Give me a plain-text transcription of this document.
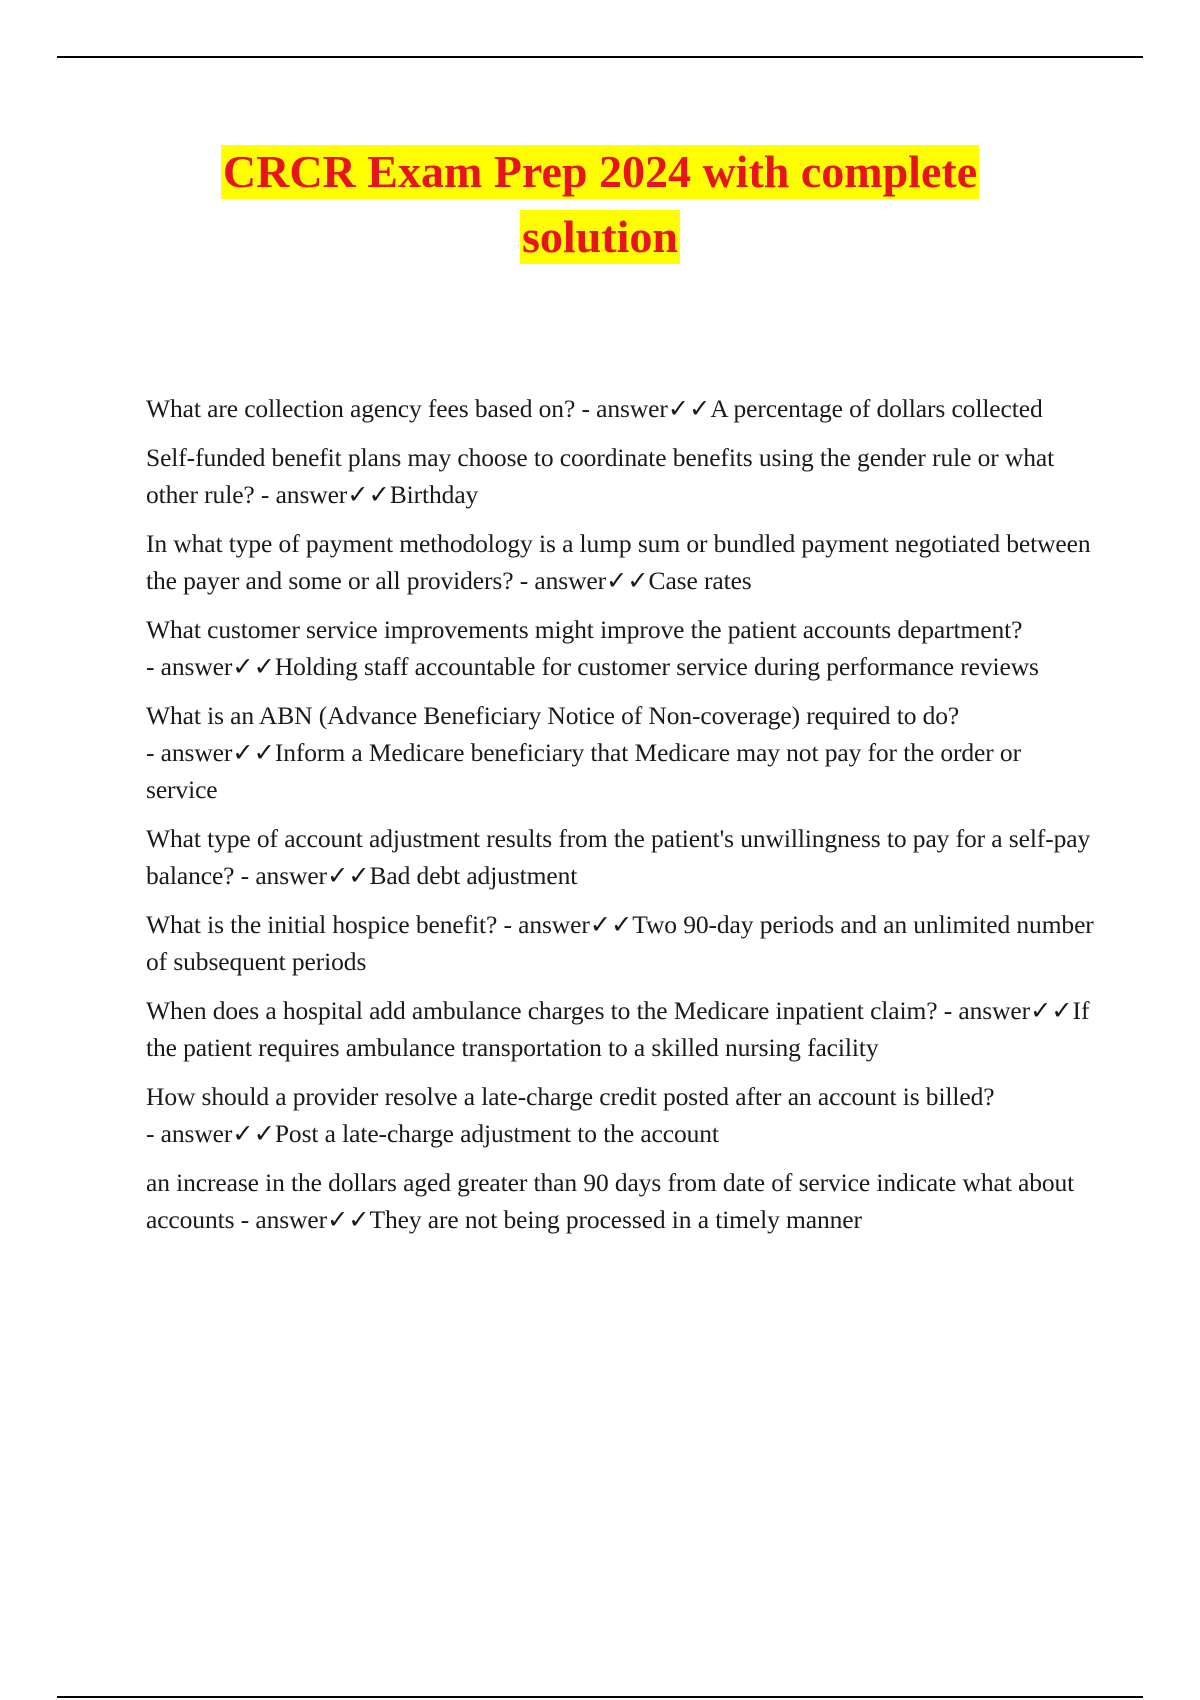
CRCR Exam Prep 2024 with complete
solution

What are collection agency fees based on? - answer✓✓A percentage of dollars collected

Self-funded benefit plans may choose to coordinate benefits using the gender rule or what other rule? - answer✓✓Birthday

In what type of payment methodology is a lump sum or bundled payment negotiated between the payer and some or all providers? - answer✓✓Case rates

What customer service improvements might improve the patient accounts department? - answer✓✓Holding staff accountable for customer service during performance reviews

What is an ABN (Advance Beneficiary Notice of Non-coverage) required to do? - answer✓✓Inform a Medicare beneficiary that Medicare may not pay for the order or service

What type of account adjustment results from the patient's unwillingness to pay for a self-pay balance? - answer✓✓Bad debt adjustment

What is the initial hospice benefit? - answer✓✓Two 90-day periods and an unlimited number of subsequent periods

When does a hospital add ambulance charges to the Medicare inpatient claim? - answer✓✓If the patient requires ambulance transportation to a skilled nursing facility

How should a provider resolve a late-charge credit posted after an account is billed? - answer✓✓Post a late-charge adjustment to the account

an increase in the dollars aged greater than 90 days from date of service indicate what about accounts - answer✓✓They are not being processed in a timely manner
